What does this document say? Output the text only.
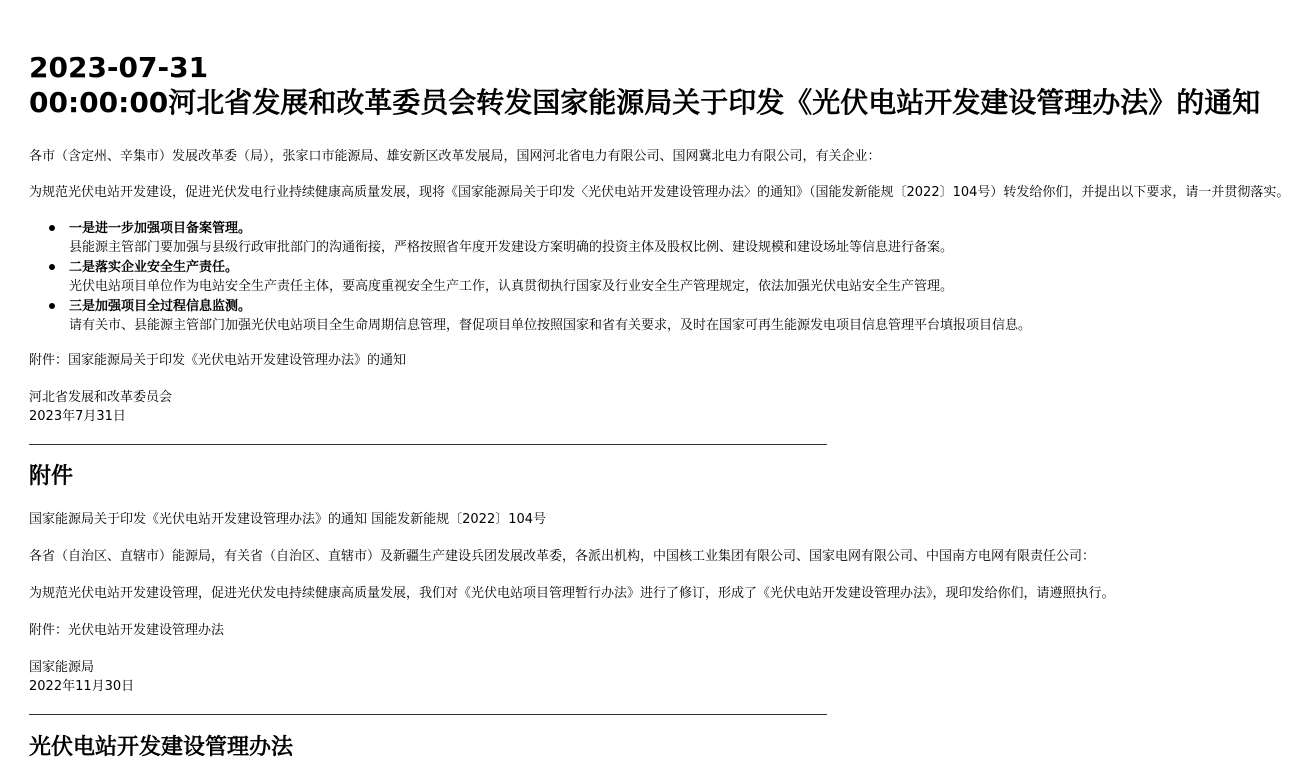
2023-07-31
00:00:00河北省发展和改革委员会转发国家能源局关于印发《光伏电站开发建设管理办法》的通知

各市（含定州、辛集市）发展改革委（局），张家口市能源局、雄安新区改革发展局，国网河北省电力有限公司、国网冀北电力有限公司，有关企业：

为规范光伏电站开发建设，促进光伏发电行业持续健康高质量发展，现将《国家能源局关于印发〈光伏电站开发建设管理办法〉的通知》（国能发新能规〔2022〕104号）转发给你们，并提出以下要求，请一并贯彻落实。

一是进一步加强项目备案管理。
县能源主管部门要加强与县级行政审批部门的沟通衔接，严格按照省年度开发建设方案明确的投资主体及股权比例、建设规模和建设场址等信息进行备案。
二是落实企业安全生产责任。
光伏电站项目单位作为电站安全生产责任主体，要高度重视安全生产工作，认真贯彻执行国家及行业安全生产管理规定，依法加强光伏电站安全生产管理。
三是加强项目全过程信息监测。
请有关市、县能源主管部门加强光伏电站项目全生命周期信息管理，督促项目单位按照国家和省有关要求，及时在国家可再生能源发电项目信息管理平台填报项目信息。

附件：国家能源局关于印发《光伏电站开发建设管理办法》的通知

河北省发展和改革委员会

2023年7月31日

附件

国家能源局关于印发《光伏电站开发建设管理办法》的通知 国能发新能规〔2022〕104号

各省（自治区、直辖市）能源局，有关省（自治区、直辖市）及新疆生产建设兵团发展改革委，各派出机构，中国核工业集团有限公司、国家电网有限公司、中国南方电网有限责任公司：

为规范光伏电站开发建设管理，促进光伏发电持续健康高质量发展，我们对《光伏电站项目管理暂行办法》进行了修订，形成了《光伏电站开发建设管理办法》，现印发给你们，请遵照执行。

附件：光伏电站开发建设管理办法

国家能源局

2022年11月30日

光伏电站开发建设管理办法
